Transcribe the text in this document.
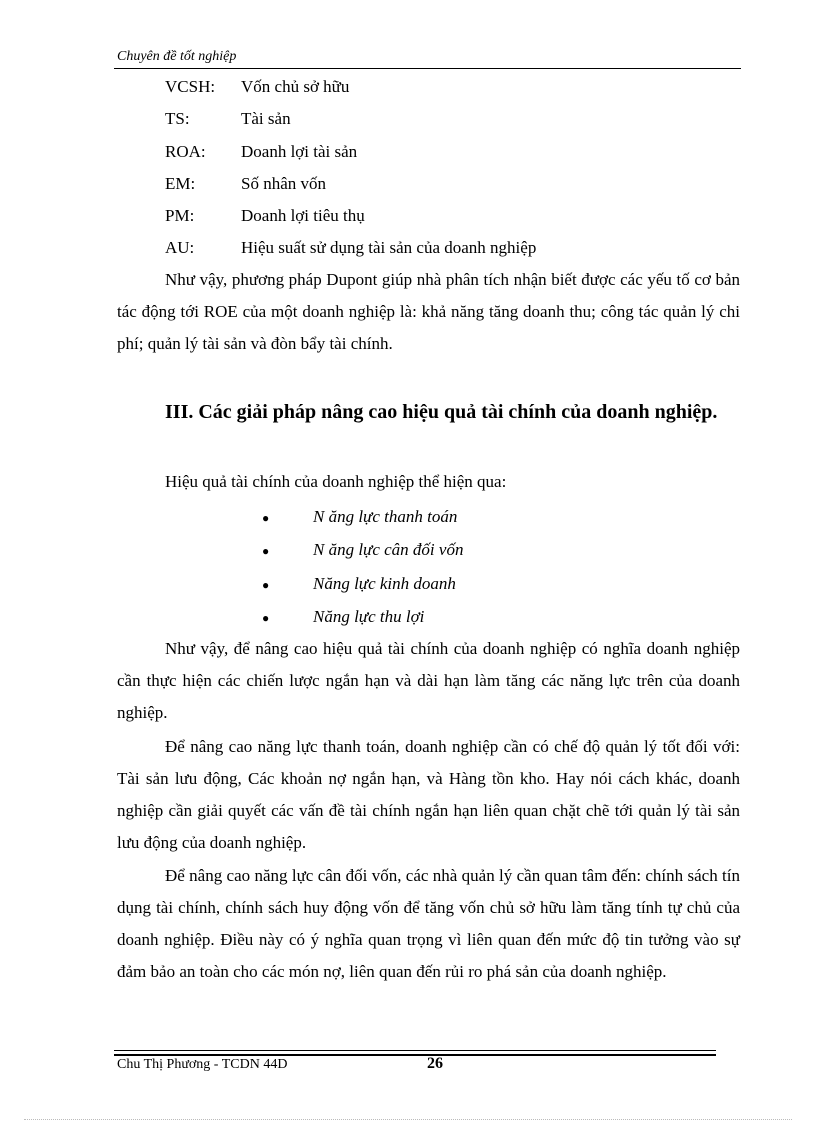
Chuyên đề tốt nghiệp
VCSH: Vốn chủ sở hữu
TS:	Tài sản
ROA: Doanh lợi tài sản
EM:	Số nhân vốn
PM:	Doanh lợi tiêu thụ
AU:	Hiệu suất sử dụng tài sản của doanh nghiệp

Như vậy, phương pháp Dupont giúp nhà phân tích nhận biết được các yếu tố cơ bản tác động tới ROE của một doanh nghiệp là: khả năng tăng doanh thu; công tác quản lý chi phí; quản lý tài sản và đòn bẩy tài chính.

III. Các giải pháp nâng cao hiệu quả tài chính của doanh nghiệp.
Hiệu quả tài chính của doanh nghiệp thể hiện qua:
●	N ăng lực thanh toán
●	N ăng lực cân đối vốn
●	Năng lực kinh doanh
●	Năng lực thu lợi

Như vậy, để nâng cao hiệu quả tài chính của doanh nghiệp có nghĩa doanh nghiệp cần thực hiện các chiến lược ngắn hạn và dài hạn làm tăng các năng lực trên của doanh nghiệp.

Để nâng cao năng lực thanh toán, doanh nghiệp cần có chế độ quản lý tốt đối với: Tài sản lưu động, Các khoản nợ ngắn hạn, và Hàng tồn kho. Hay nói cách khác, doanh nghiệp cần giải quyết các vấn đề tài chính ngắn hạn liên quan chặt chẽ tới quản lý tài sản lưu động của doanh nghiệp.

Để nâng cao năng lực cân đối vốn, các nhà quản lý cần quan tâm đến: chính sách tín dụng tài chính, chính sách huy động vốn để tăng vốn chủ sở hữu làm tăng tính tự chủ của doanh nghiệp. Điều này có ý nghĩa quan trọng vì liên quan đến mức độ tin tưởng vào sự đảm bảo an toàn cho các món nợ, liên quan đến rủi ro phá sản của doanh nghiệp.

Chu Thị Phương - TCDN 44D	26
